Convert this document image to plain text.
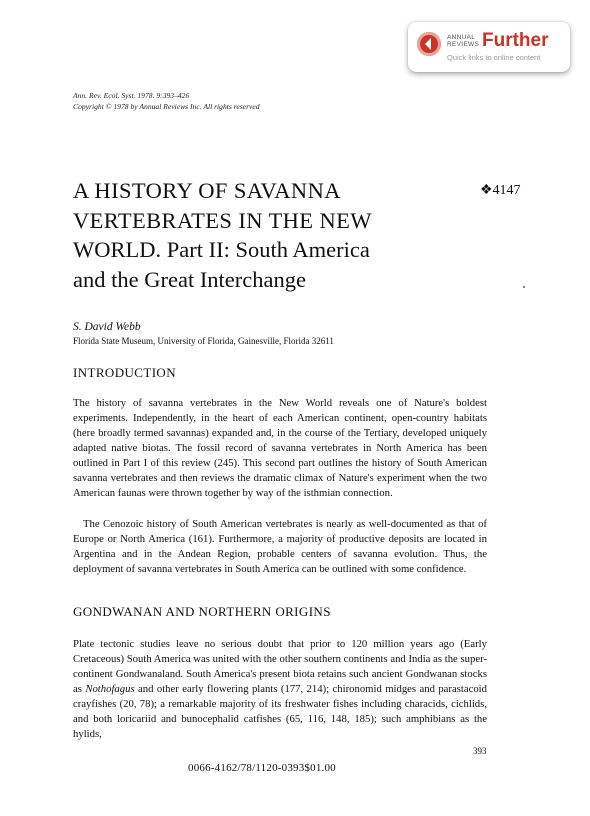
ANNUAL
REVIEWS Further
Quick links to online content
Ann. Rev. Ecol. Syst. 1978. 9:393–426
Copyright © 1978 by Annual Reviews Inc. All rights reserved
A HISTORY OF SAVANNA
VERTEBRATES IN THE NEW
WORLD. Part II: South America
and the Great Interchange
❖4147
S. David Webb
Florida State Museum, University of Florida, Gainesville, Florida 32611
INTRODUCTION

The history of savanna vertebrates in the New World reveals one of Nature's boldest experiments. Independently, in the heart of each American continent, open-country habitats (here broadly termed savannas) expanded and, in the course of the Tertiary, developed uniquely adapted native biotas. The fossil record of savanna vertebrates in North America has been outlined in Part I of this review (245). This second part outlines the history of South American savanna vertebrates and then reviews the dramatic climax of Nature's experiment when the two American faunas were thrown together by way of the isthmian connection.

The Cenozoic history of South American vertebrates is nearly as well-documented as that of Europe or North America (161). Furthermore, a majority of productive deposits are located in Argentina and in the Andean Region, probable centers of savanna evolution. Thus, the deployment of savanna vertebrates in South America can be outlined with some confidence.

GONDWANAN AND NORTHERN ORIGINS

Plate tectonic studies leave no serious doubt that prior to 120 million years ago (Early Cretaceous) South America was united with the other southern continents and India as the super-continent Gondwanaland. South America's present biota retains such ancient Gondwanan stocks as Nothofagus and other early flowering plants (177, 214); chironomid midges and parastacoid crayfishes (20, 78); a remarkable majority of its freshwater fishes including characids, cichlids, and both loricariid and bunocephalid catfishes (65, 116, 148, 185); such amphibians as the hylids,

393
0066-4162/78/1120-0393$01.00
